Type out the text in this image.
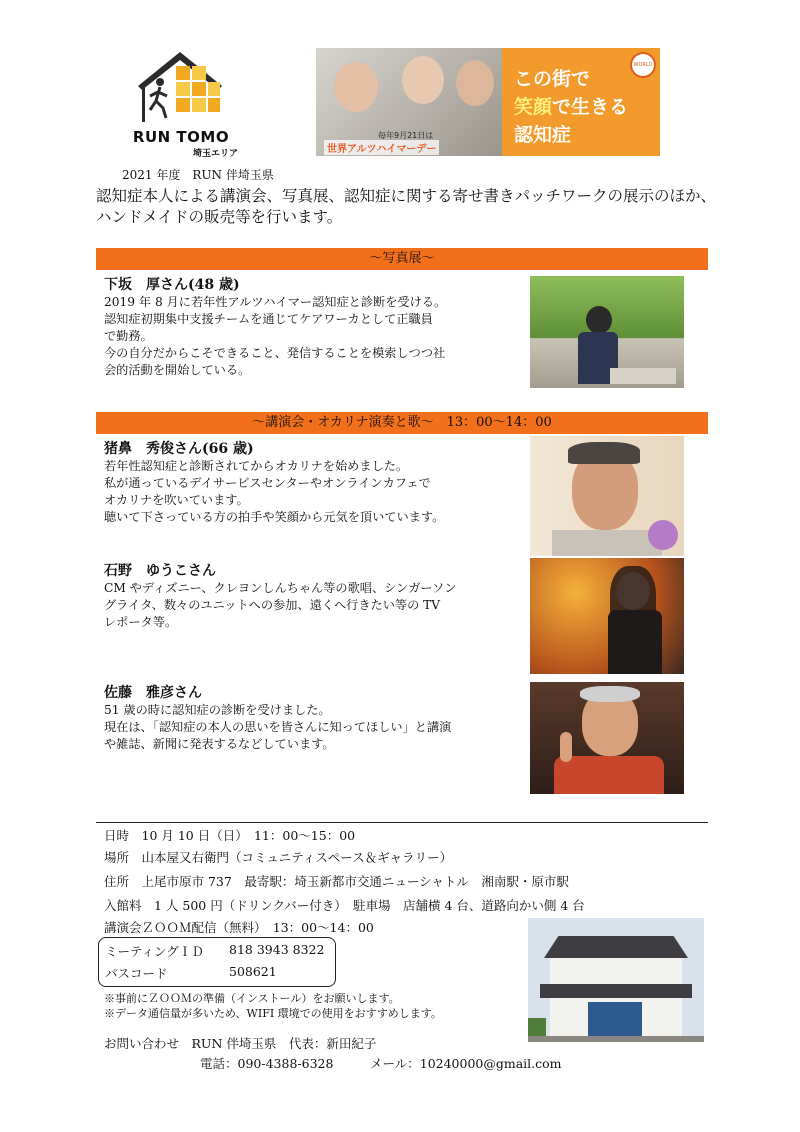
RUN TOMO
埼玉エリア
毎年9月21日は
世界アルツハイマーデー
この街で
笑顔で生きる
認知症
WORLD
2021 年度　RUN 伴埼玉県
認知症本人による講演会、写真展、認知症に関する寄せ書きパッチワークの展示のほか、ハンドメイドの販売等を行います。
～写真展～
下坂　厚さん(48 歳)
2019 年 8 月に若年性アルツハイマー認知症と診断を受ける。
認知症初期集中支援チームを通じてケアワーカとして正職員
で勤務。
今の自分だからこそできること、発信することを模索しつつ社
会的活動を開始している。
～講演会・オカリナ演奏と歌～　13：00～14：00
猪鼻　秀俊さん(66 歳)
若年性認知症と診断されてからオカリナを始めました。
私が通っているデイサービスセンターやオンラインカフェで
オカリナを吹いています。
聴いて下さっている方の拍手や笑顔から元気を頂いています。
石野　ゆうこさん
CM やディズニー、クレヨンしんちゃん等の歌唱、シンガーソン
グライタ、数々のユニットへの参加、遠くへ行きたい等の TV
レポータ等。
佐藤　雅彦さん
51 歳の時に認知症の診断を受けました。
現在は、｢認知症の本人の思いを皆さんに知ってほしい」と講演
や雑誌、新聞に発表するなどしています。
日時　10 月 10 日（日）　11：00～15：00
場所　山本屋又右衛門（コミュニティスペース＆ギャラリー）
住所　上尾市原市 737　最寄駅：埼玉新都市交通ニューシャトル　湘南駅・原市駅
入館料　1 人 500 円（ドリンクバー付き）　駐車場　店舗横 4 台、道路向かい側 4 台
講演会ＺＯＯＭ配信（無料）　13：00～14：00
ミーティングＩＤ 818 3943 8322
パスコード	508621
※事前にＺＯＯＭの準備（インストール）をお願いします。
※データ通信量が多いため、WIFI 環境での使用をおすすめします。
お問い合わせ　RUN 伴埼玉県　代表：新田紀子
電話：090-4388-6328	メール：10240000@gmail.com
